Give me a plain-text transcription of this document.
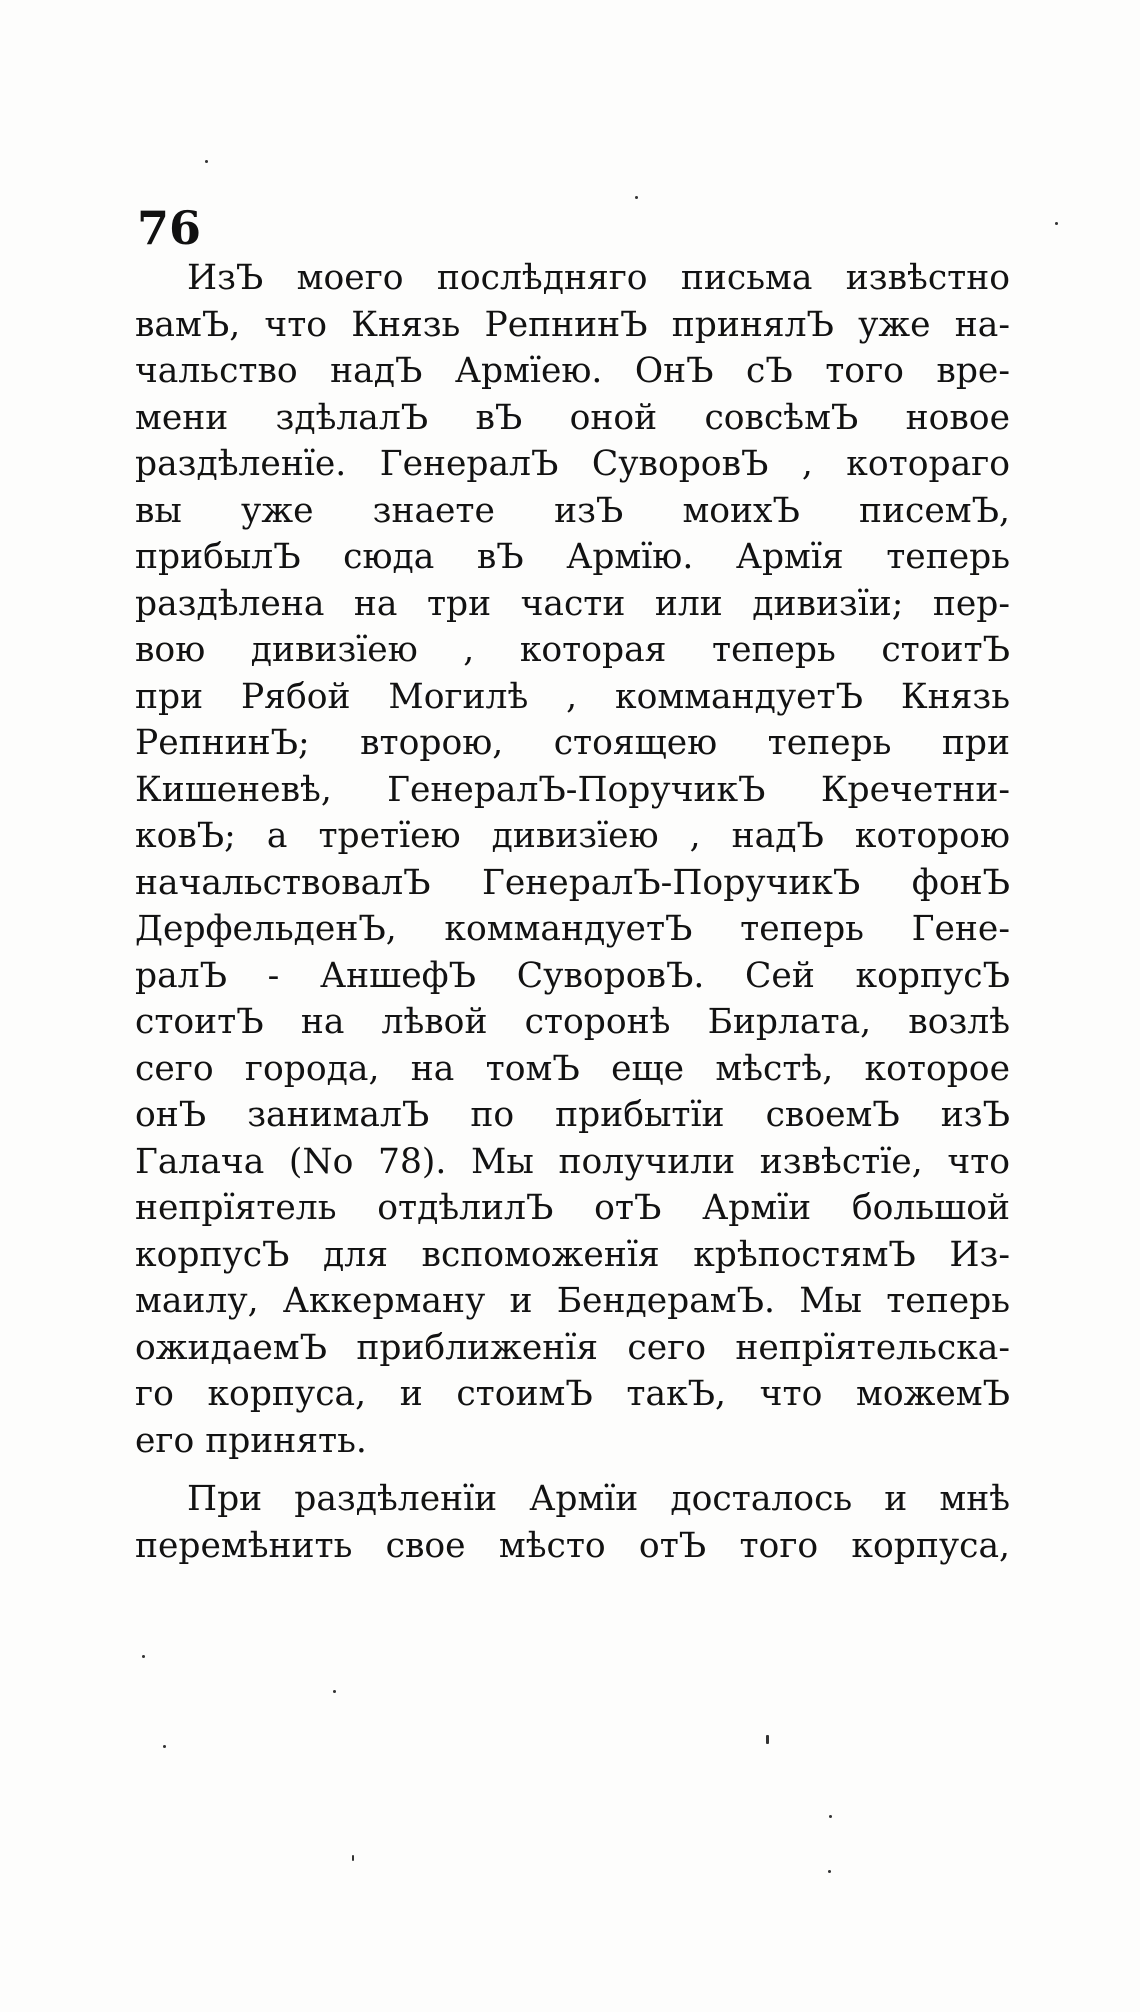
76
ИзЪ моего послѣдняго письма извѣстно
вамЪ, что Князь РепнинЪ принялЪ уже на-
чальство надЪ Армїею. ОнЪ сЪ того вре-
мени здѣлалЪ вЪ оной совсѣмЪ новое
раздѣленїе. ГенералЪ СуворовЪ , котораго
вы уже знаете изЪ моихЪ писемЪ,
прибылЪ сюда вЪ Армїю. Армїя теперь
раздѣлена на три части или дивизїи; пер-
вою дивизїею , которая теперь стоитЪ
при Рябой Могилѣ , коммандуетЪ Князь
РепнинЪ; второю, стоящею теперь при
Кишеневѣ, ГенералЪ-ПоручикЪ Кречетни-
ковЪ; а третїею дивизїею , надЪ которою
начальствовалЪ ГенералЪ-ПоручикЪ фонЪ
ДерфельденЪ, коммандуетЪ теперь Гене-
ралЪ - АншефЪ СуворовЪ. Сей корпусЪ
стоитЪ на лѣвой сторонѣ Бирлата, возлѣ
сего города, на томЪ еще мѣстѣ, которое
онЪ занималЪ по прибытїи своемЪ изЪ
Галача (No 78). Мы получили извѣстїе, что
непрїятель отдѣлилЪ отЪ Армїи большой
корпусЪ для вспоможенїя крѣпостямЪ Из-
маилу, Аккерману и БендерамЪ. Мы теперь
ожидаемЪ приближенїя сего непрїятельска-
го корпуса, и стоимЪ такЪ, что можемЪ
его принять.
При раздѣленїи Армїи досталось и мнѣ
перемѣнить свое мѣсто отЪ того корпуса,
